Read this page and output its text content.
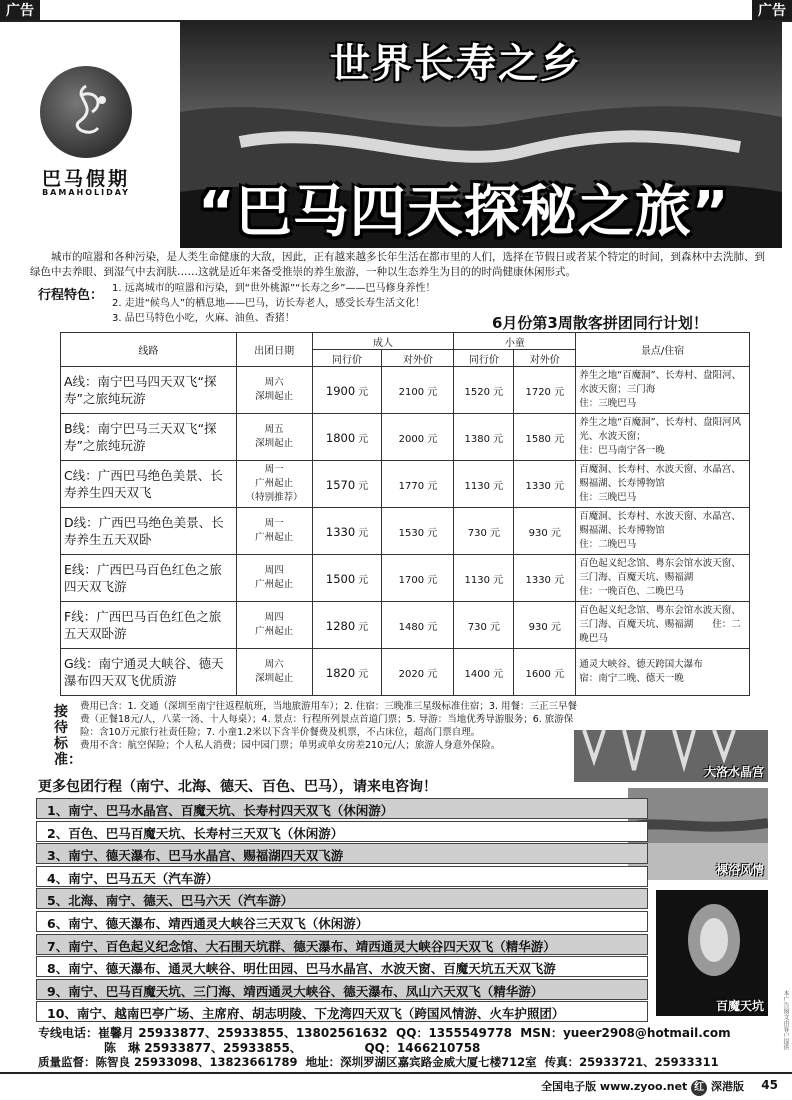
广告	广告
巴马假期
BAMAHOLIDAY
世界长寿之乡
“巴马四天探秘之旅”

城市的喧嚣和各种污染，是人类生命健康的大敌，因此，正有越来越多长年生活在都市里的人们，选择在节假日或者某个特定的时间，到森林中去洗肺、到绿色中去养眼、到湿气中去润肤……这就是近年来备受推崇的养生旅游，一种以生态养生为目的的时尚健康休闲形式。

行程特色： 1. 远离城市的喧嚣和污染，到“世外桃源”“长寿之乡”——巴马修身养性！
2. 走进“候鸟人”的栖息地——巴马，访长寿老人，感受长寿生活文化！
3. 品巴马特色小吃，火麻、油鱼、香猪！	6月份第3周散客拼团同行计划！
线路	出团日期	成人		小童		景点/住宿
		同行价	对外价	同行价	对外价	
A线：南宁巴马四天双飞“探寿”之旅纯玩游	周六
深圳起止	1900 元	2100 元	1520 元	1720 元	养生之地“百魔洞”、长寿村、盘阳河、水波天窗；三门海
住：三晚巴马
B线：南宁巴马三天双飞“探寿”之旅纯玩游	周五
深圳起止	1800 元	2000 元	1380 元	1580 元	养生之地“百魔洞”、长寿村、盘阳河风光、水波天窗；
住：巴马南宁各一晚
C线：广西巴马绝色美景、长寿养生四天双飞	周一
广州起止
（特别推荐）	1570 元	1770 元	1130 元	1330 元	百魔洞、长寿村、水波天窗、水晶宫、赐福湖、长寿博物馆
住：三晚巴马
D线：广西巴马绝色美景、长寿养生五天双卧	周一
广州起止	1330 元	1530 元	730 元	930 元	百魔洞、长寿村、水波天窗、水晶宫、赐福湖、长寿博物馆
住：二晚巴马
E线：广西巴马百色红色之旅 四天双飞游	周四
广州起止	1500 元	1700 元	1130 元	1330 元	百色起义纪念馆、粤东会馆水波天窗、三门海、百魔天坑、赐福湖
住：一晚百色、二晚巴马
F线：广西巴马百色红色之旅五天双卧游	周四
广州起止	1280 元	1480 元	730 元	930 元	百色起义纪念馆、粤东会馆水波天窗、三门海、百魔天坑、赐福湖　　住：二晚巴马
G线：南宁通灵大峡谷、德天瀑布四天双飞优质游	周六
深圳起止	1820 元	2020 元	1400 元	1600 元	通灵大峡谷、德天跨国大瀑布
宿：南宁二晚、德天一晚
接待标准：
费用已含：1. 交通（深圳至南宁往返程航班，当地旅游用车）；2. 住宿：三晚准三星级标准住宿；3. 用餐：三正三早餐费（正餐18元/人，八菜一汤、十人每桌）；4. 景点：行程所列景点首道门票；5. 导游：当地优秀导游服务；6. 旅游保险：含10万元旅行社责任险；7. 小童1.2米以下含半价餐费及机票，不占床位，超高门票自理。
费用不含：航空保险；个人私人消费；园中园门票；单男或单女房差210元/人；旅游人身意外保险。
大洛水晶宫
裸浴风情
百魔天坑
更多包团行程（南宁、北海、德天、百色、巴马），请来电咨询！
1、南宁、巴马水晶宫、百魔天坑、长寿村四天双飞（休闲游）
2、百色、巴马百魔天坑、长寿村三天双飞（休闲游）
3、南宁、德天瀑布、巴马水晶宫、赐福湖四天双飞游
4、南宁、巴马五天（汽车游）
5、北海、南宁、德天、巴马六天（汽车游）
6、南宁、德天瀑布、靖西通灵大峡谷三天双飞（休闲游）
7、南宁、百色起义纪念馆、大石围天坑群、德天瀑布、靖西通灵大峡谷四天双飞（精华游）
8、南宁、德天瀑布、通灵大峡谷、明仕田园、巴马水晶宫、水波天窗、百魔天坑五天双飞游
9、南宁、巴马百魔天坑、三门海、靖西通灵大峡谷、德天瀑布、凤山六天双飞（精华游）
10、南宁、越南巴亭广场、主席府、胡志明陵、下龙湾四天双飞（跨国风情游、火车护照团）
专线电话：崔馨月 25933877、25933855、13802561632 QQ：1355549778 MSN：yueer2908@hotmail.com
陈　琳 25933877、25933855、	QQ：1466210758
质量监督：陈智良 25933098、13823661789 地址：深圳罗湖区嘉宾路金威大厦七楼712室 传真：25933721、25933311
全国电子版 www.zyoo.net 红 深港版 45
本广告图文由客户提供
